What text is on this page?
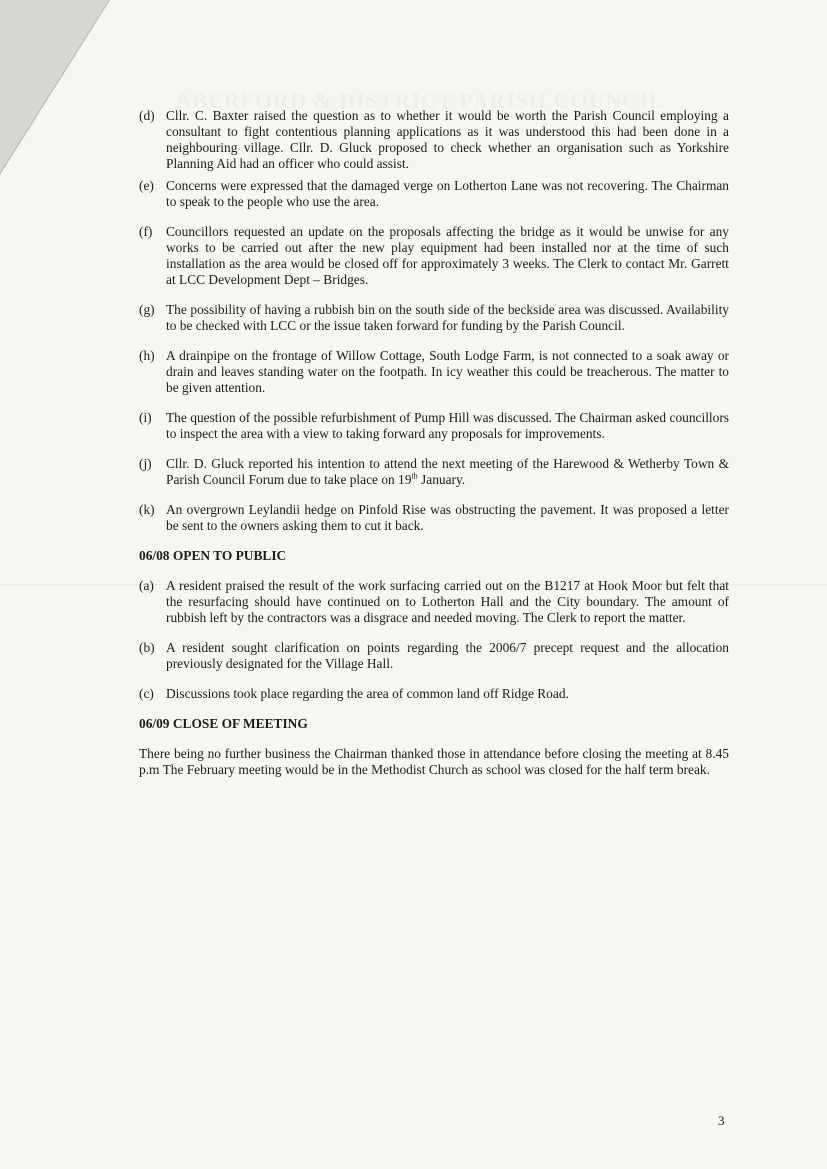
ABERFORD & DISTRICT PARISH COUNCIL
(d) Cllr. C. Baxter raised the question as to whether it would be worth the Parish Council employing a consultant to fight contentious planning applications as it was understood this had been done in a neighbouring village. Cllr. D. Gluck proposed to check whether an organisation such as Yorkshire Planning Aid had an officer who could assist.
(e) Concerns were expressed that the damaged verge on Lotherton Lane was not recovering. The Chairman to speak to the people who use the area.
(f) Councillors requested an update on the proposals affecting the bridge as it would be unwise for any works to be carried out after the new play equipment had been installed nor at the time of such installation as the area would be closed off for approximately 3 weeks. The Clerk to contact Mr. Garrett at LCC Development Dept – Bridges.
(g) The possibility of having a rubbish bin on the south side of the beckside area was discussed. Availability to be checked with LCC or the issue taken forward for funding by the Parish Council.
(h) A drainpipe on the frontage of Willow Cottage, South Lodge Farm, is not connected to a soak away or drain and leaves standing water on the footpath. In icy weather this could be treacherous. The matter to be given attention.
(i) The question of the possible refurbishment of Pump Hill was discussed. The Chairman asked councillors to inspect the area with a view to taking forward any proposals for improvements.
(j) Cllr. D. Gluck reported his intention to attend the next meeting of the Harewood & Wetherby Town & Parish Council Forum due to take place on 19th January.
(k) An overgrown Leylandii hedge on Pinfold Rise was obstructing the pavement. It was proposed a letter be sent to the owners asking them to cut it back.
06/08 OPEN TO PUBLIC
(a) A resident praised the result of the work surfacing carried out on the B1217 at Hook Moor but felt that the resurfacing should have continued on to Lotherton Hall and the City boundary. The amount of rubbish left by the contractors was a disgrace and needed moving. The Clerk to report the matter.
(b) A resident sought clarification on points regarding the 2006/7 precept request and the allocation previously designated for the Village Hall.
(c) Discussions took place regarding the area of common land off Ridge Road.
06/09 CLOSE OF MEETING
There being no further business the Chairman thanked those in attendance before closing the meeting at 8.45 p.m The February meeting would be in the Methodist Church as school was closed for the half term break.
3
